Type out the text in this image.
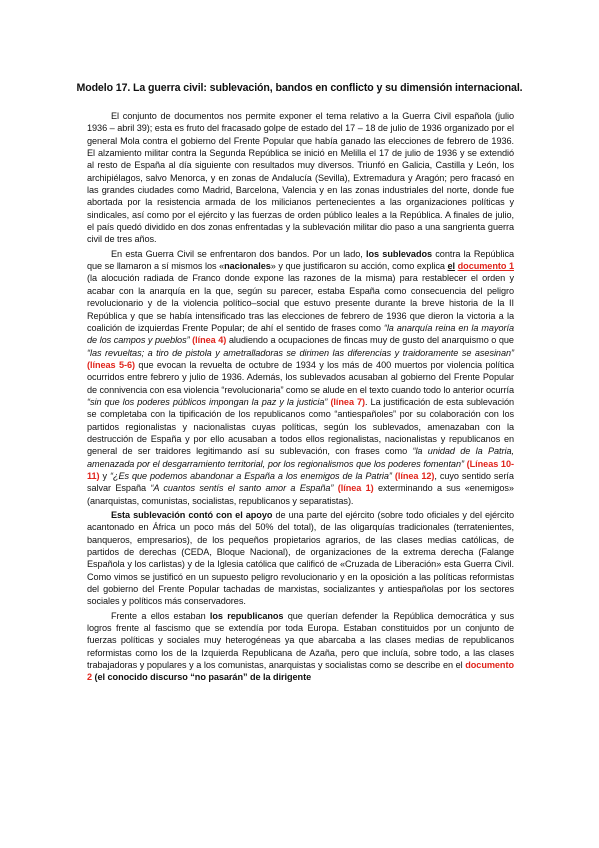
Modelo 17. La guerra civil: sublevación, bandos en conflicto y su dimensión internacional.

El conjunto de documentos nos permite exponer el tema relativo a la Guerra Civil española (julio 1936 – abril 39); esta es fruto del fracasado golpe de estado del 17 – 18 de julio de 1936 organizado por el general Mola contra el gobierno del Frente Popular que había ganado las elecciones de febrero de 1936. El alzamiento militar contra la Segunda República se inició en Melilla el 17 de julio de 1936 y se extendió al resto de España al día siguiente con resultados muy diversos. Triunfó en Galicia, Castilla y León, los archipiélagos, salvo Menorca, y en zonas de Andalucía (Sevilla), Extremadura y Aragón; pero fracasó en las grandes ciudades como Madrid, Barcelona, Valencia y en las zonas industriales del norte, donde fue abortada por la resistencia armada de los milicianos pertenecientes a las organizaciones políticas y sindicales, así como por el ejército y las fuerzas de orden público leales a la República. A finales de julio, el país quedó dividido en dos zonas enfrentadas y la sublevación militar dio paso a una sangrienta guerra civil de tres años.

En esta Guerra Civil se enfrentaron dos bandos. Por un lado, los sublevados contra la República que se llamaron a sí mismos los «nacionales» y que justificaron su acción, como explica el documento 1 (la alocución radiada de Franco donde expone las razones de la misma) para restablecer el orden y acabar con la anarquía en la que, según su parecer, estaba España como consecuencia del peligro revolucionario y de la violencia político–social que estuvo presente durante la breve historia de la II República y que se había intensificado tras las elecciones de febrero de 1936 que dieron la victoria a la coalición de izquierdas Frente Popular; de ahí el sentido de frases como “la anarquía reina en la mayoría de los campos y pueblos” (línea 4) aludiendo a ocupaciones de fincas muy de gusto del anarquismo o que “las revueltas; a tiro de pistola y ametralladoras se dirimen las diferencias y traidoramente se asesinan” (líneas 5-6) que evocan la revuelta de octubre de 1934 y los más de 400 muertos por violencia política ocurridos entre febrero y julio de 1936. Además, los sublevados acusaban al gobierno del Frente Popular de connivencia con esa violencia “revolucionaria” como se alude en el texto cuando todo lo anterior ocurría “sin que los poderes públicos impongan la paz y la justicia” (línea 7). La justificación de esta sublevación se completaba con la tipificación de los republicanos como “antiespañoles” por su colaboración con los partidos regionalistas y nacionalistas cuyas políticas, según los sublevados, amenazaban con la destrucción de España y por ello acusaban a todos ellos regionalistas, nacionalistas y republicanos en general de ser traidores legitimando así su sublevación, con frases como “la unidad de la Patria, amenazada por el desgarramiento territorial, por los regionalismos que los poderes fomentan” (Líneas 10-11) y “¿Es que podemos abandonar a España a los enemigos de la Patria” (línea 12), cuyo sentido sería salvar España “A cuantos sentís el santo amor a España” (línea 1) exterminando a sus «enemigos» (anarquistas, comunistas, socialistas, republicanos y separatistas).

Esta sublevación contó con el apoyo de una parte del ejército (sobre todo oficiales y del ejército acantonado en África un poco más del 50% del total), de las oligarquías tradicionales (terratenientes, banqueros, empresarios), de los pequeños propietarios agrarios, de las clases medias católicas, de partidos de derechas (CEDA, Bloque Nacional), de organizaciones de la extrema derecha (Falange Española y los carlistas) y de la Iglesia católica que calificó de «Cruzada de Liberación» esta Guerra Civil. Como vimos se justificó en un supuesto peligro revolucionario y en la oposición a las políticas reformistas del gobierno del Frente Popular tachadas de marxistas, socializantes y antiespañolas por los sectores sociales y políticos más conservadores.

Frente a ellos estaban los republicanos que querían defender la República democrática y sus logros frente al fascismo que se extendía por toda Europa. Estaban constituidos por un conjunto de fuerzas políticas y sociales muy heterogéneas ya que abarcaba a las clases medias de republicanos reformistas como los de la Izquierda Republicana de Azaña, pero que incluía, sobre todo, a las clases trabajadoras y populares y a los comunistas, anarquistas y socialistas como se describe en el documento 2 (el conocido discurso “no pasarán” de la dirigente
